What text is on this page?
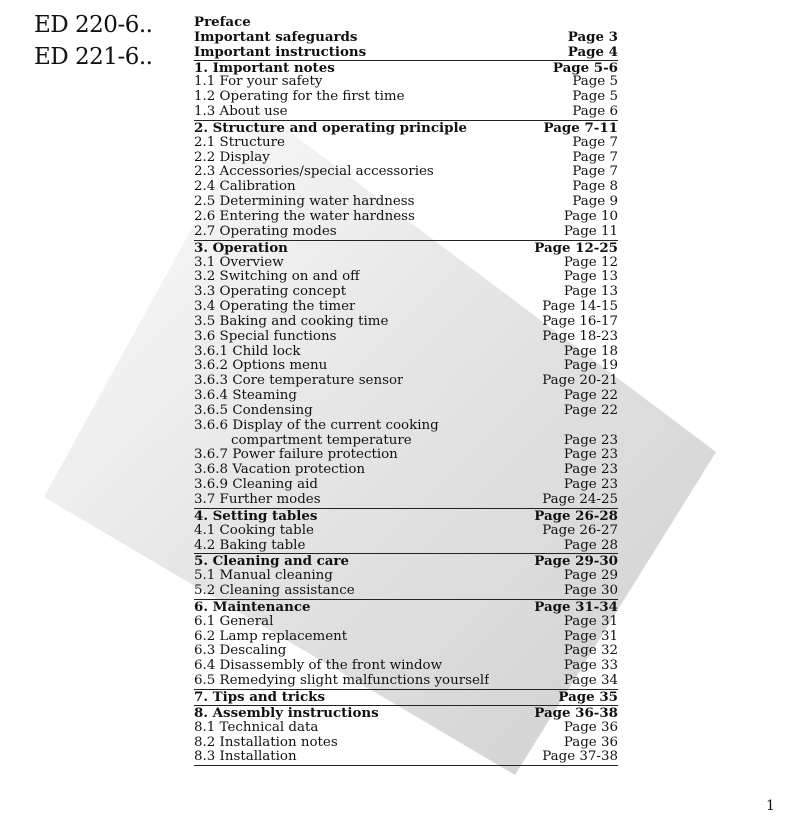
ED 220-6..
ED 221-6..
Preface
Important safeguards	Page 3
Important instructions	Page 4
1. Important notes	Page 5-6
1.1 For your safety	Page 5
1.2 Operating for the first time	Page 5
1.3 About use	Page 6
2. Structure and operating principle	Page 7-11
2.1 Structure	Page 7
2.2 Display	Page 7
2.3 Accessories/special accessories	Page 7
2.4 Calibration	Page 8
2.5 Determining water hardness	Page 9
2.6 Entering the water hardness	Page 10
2.7 Operating modes	Page 11
3. Operation	Page 12-25
3.1 Overview	Page 12
3.2 Switching on and off	Page 13
3.3 Operating concept	Page 13
3.4 Operating the timer	Page 14-15
3.5 Baking and cooking time	Page 16-17
3.6 Special functions	Page 18-23
3.6.1 Child lock	Page 18
3.6.2 Options menu	Page 19
3.6.3 Core temperature sensor	Page 20-21
3.6.4 Steaming	Page 22
3.6.5 Condensing	Page 22
3.6.6 Display of the current cooking
compartment temperature	Page 23
3.6.7 Power failure protection	Page 23
3.6.8 Vacation protection	Page 23
3.6.9 Cleaning aid	Page 23
3.7 Further modes	Page 24-25
4. Setting tables	Page 26-28
4.1 Cooking table	Page 26-27
4.2 Baking table	Page 28
5. Cleaning and care	Page 29-30
5.1 Manual cleaning	Page 29
5.2 Cleaning assistance	Page 30
6. Maintenance	Page 31-34
6.1 General	Page 31
6.2 Lamp replacement	Page 31
6.3 Descaling	Page 32
6.4 Disassembly of the front window	Page 33
6.5 Remedying slight malfunctions yourself	Page 34
7. Tips and tricks	Page 35
8. Assembly instructions	Page 36-38
8.1 Technical data	Page 36
8.2 Installation notes	Page 36
8.3 Installation	Page 37-38
1
